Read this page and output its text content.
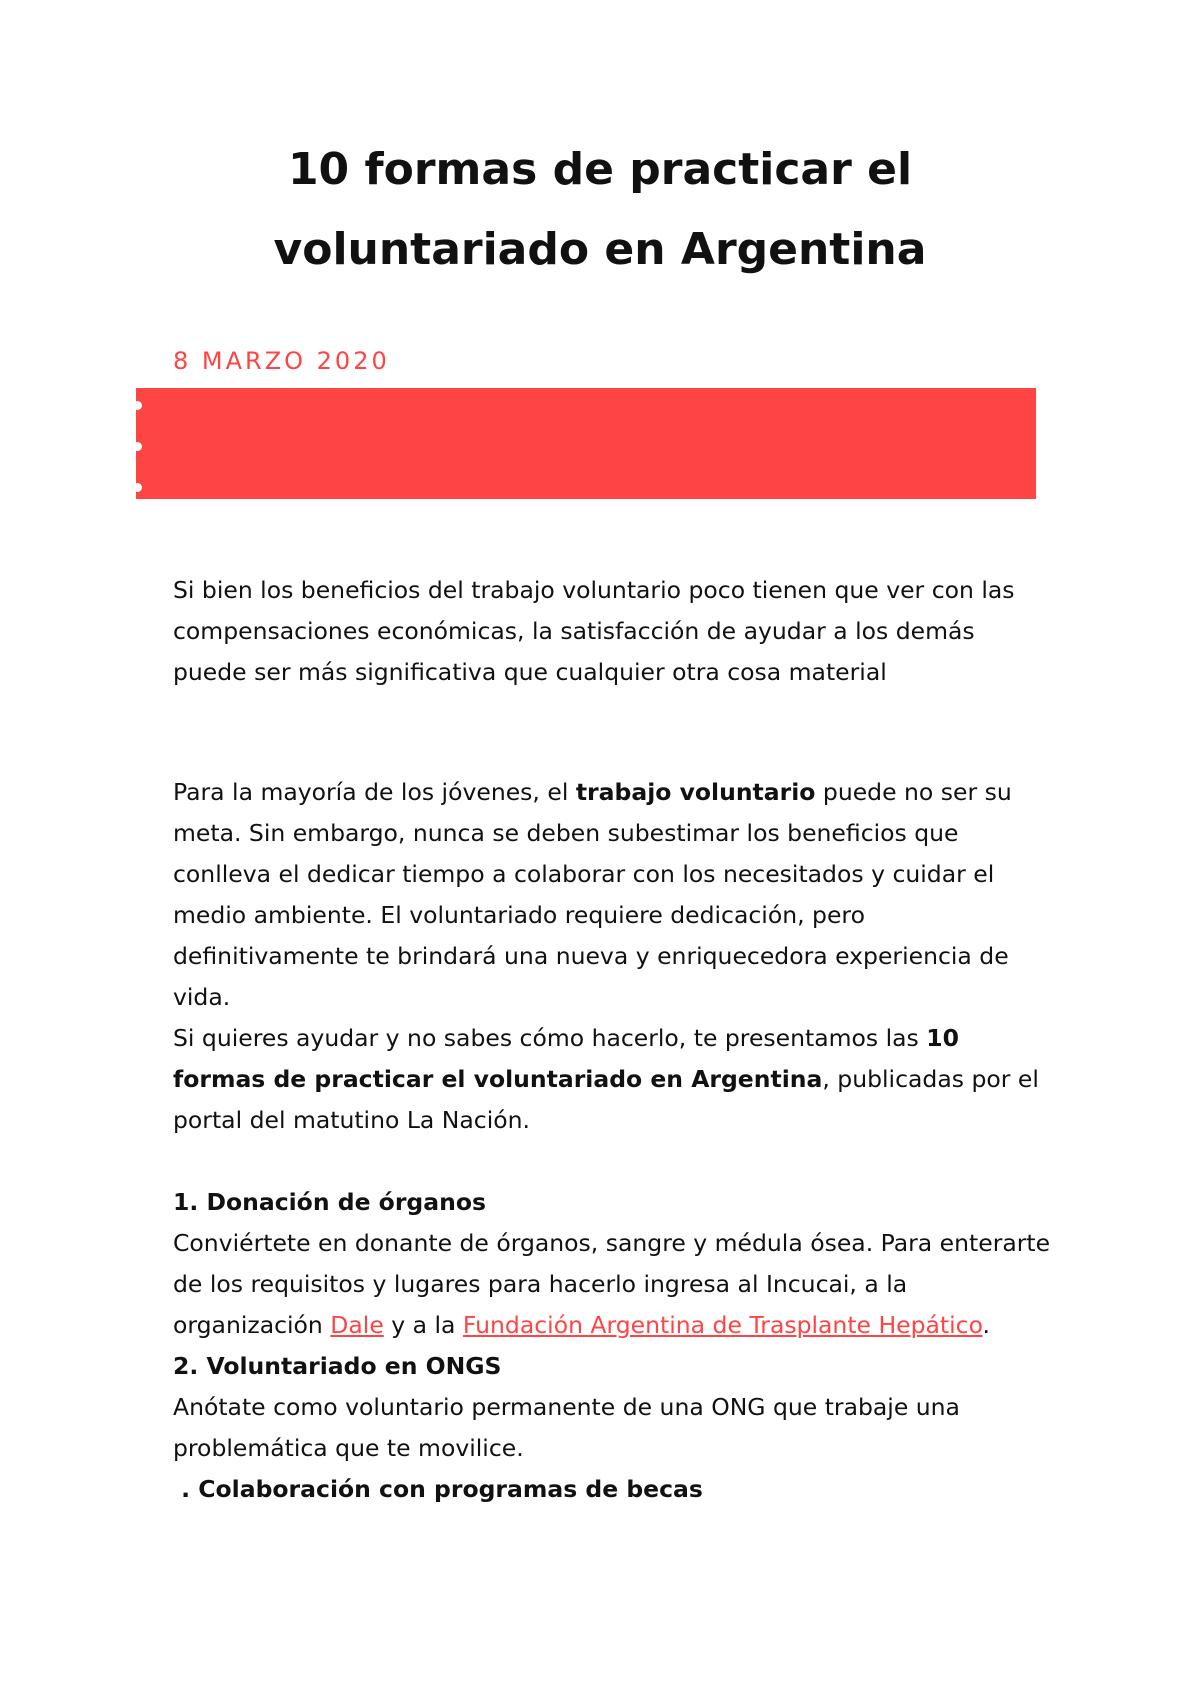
10 formas de practicar el
voluntariado en Argentina
8 MARZO 2020

Si bien los beneficios del trabajo voluntario poco tienen que ver con las compensaciones económicas, la satisfacción de ayudar a los demás puede ser más significativa que cualquier otra cosa material

Para la mayoría de los jóvenes, el trabajo voluntario puede no ser su meta. Sin embargo, nunca se deben subestimar los beneficios que conlleva el dedicar tiempo a colaborar con los necesitados y cuidar el medio ambiente. El voluntariado requiere dedicación, pero definitivamente te brindará una nueva y enriquecedora experiencia de vida.

Si quieres ayudar y no sabes cómo hacerlo, te presentamos las 10 formas de practicar el voluntariado en Argentina, publicadas por el portal del matutino La Nación.

1. Donación de órganos
Conviértete en donante de órganos, sangre y médula ósea. Para enterarte de los requisitos y lugares para hacerlo ingresa al Incucai, a la organización Dale y a la Fundación Argentina de Trasplante Hepático.
2. Voluntariado en ONGS
Anótate como voluntario permanente de una ONG que trabaje una problemática que te movilice.
. Colaboración con programas de becas
